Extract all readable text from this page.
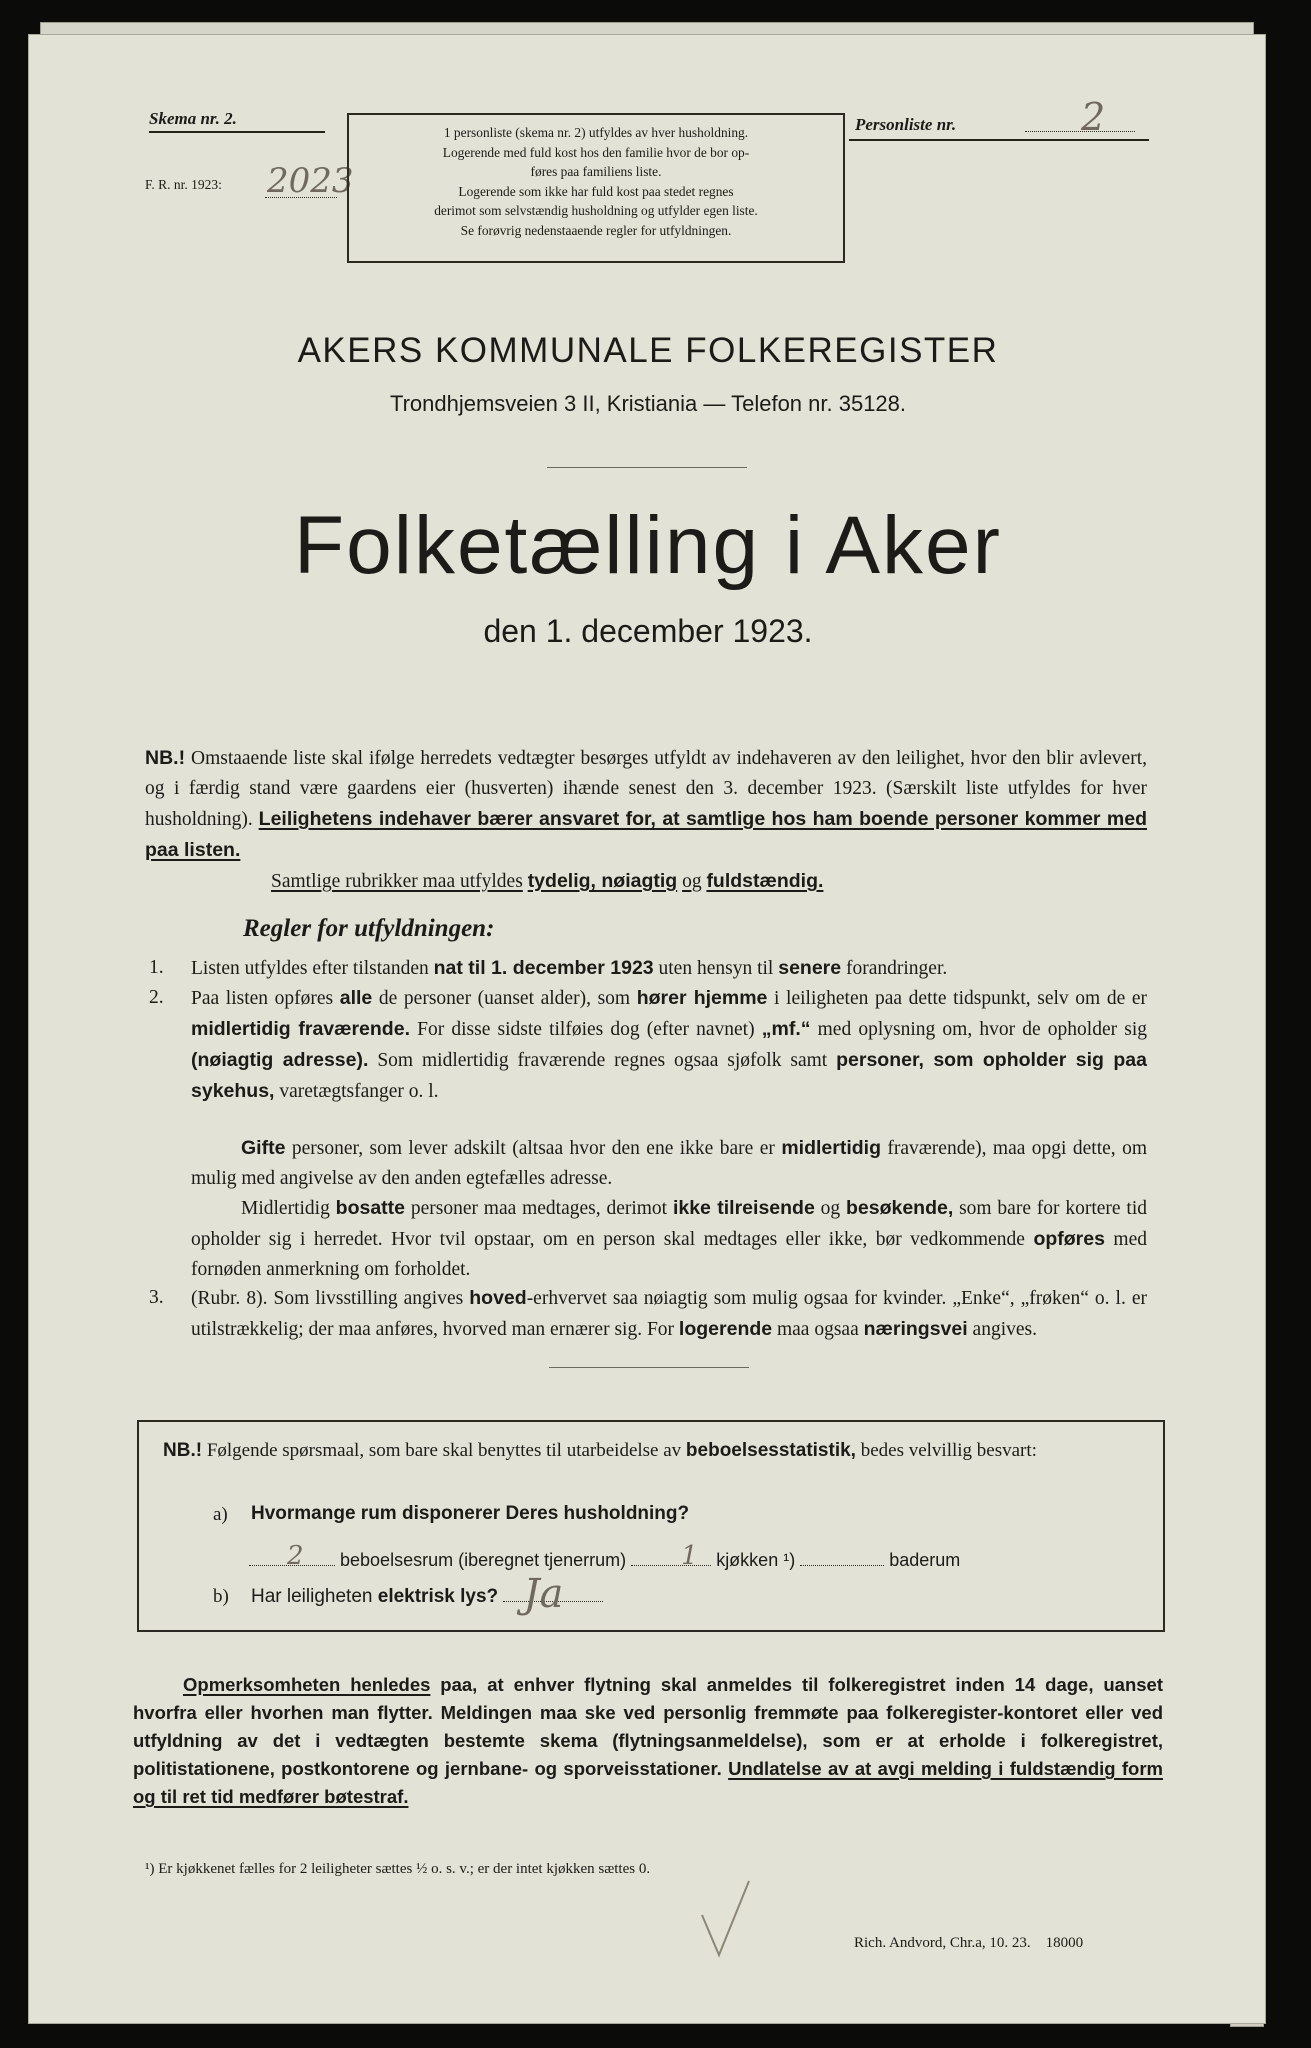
Skema nr. 2.
F. R. nr. 1923: 2023
1 personliste (skema nr. 2) utfyldes av hver husholdning.
Logerende med fuld kost hos den familie hvor de bor op-
føres paa familiens liste.
Logerende som ikke har fuld kost paa stedet regnes
derimot som selvstændig husholdning og utfylder egen liste.
Se forøvrig nedenstaaende regler for utfyldningen.
Personliste nr.	2
AKERS KOMMUNALE FOLKEREGISTER
Trondhjemsveien 3 II, Kristiania — Telefon nr. 35128.
Folketælling i Aker
den 1. december 1923.
NB.! Omstaaende liste skal ifølge herredets vedtægter besørges utfyldt av indehaveren av den leilighet, hvor den blir avlevert, og i færdig stand være gaardens eier (husverten) ihænde senest den 3. december 1923. (Særskilt liste utfyldes for hver husholdning). Leilighetens indehaver bærer ansvaret for, at samtlige hos ham boende personer kommer med paa listen.
Samtlige rubrikker maa utfyldes tydelig, nøiagtig og fuldstændig.
Regler for utfyldningen:
1. Listen utfyldes efter tilstanden nat til 1. december 1923 uten hensyn til senere forandringer.
2. Paa listen opføres alle de personer (uanset alder), som hører hjemme i leiligheten paa dette tidspunkt, selv om de er midlertidig fraværende. For disse sidste tilføies dog (efter navnet) „mf.“ med oplysning om, hvor de opholder sig (nøiagtig adresse). Som midlertidig fraværende regnes ogsaa sjøfolk samt personer, som opholder sig paa sykehus, varetægtsfanger o. l.
Gifte personer, som lever adskilt (altsaa hvor den ene ikke bare er midlertidig fraværende), maa opgi dette, om mulig med angivelse av den anden egtefælles adresse.
Midlertidig bosatte personer maa medtages, derimot ikke tilreisende og besøkende, som bare for kortere tid opholder sig i herredet. Hvor tvil opstaar, om en person skal medtages eller ikke, bør vedkommende opføres med fornøden anmerkning om forholdet.
3. (Rubr. 8). Som livsstilling angives hoved-erhvervet saa nøiagtig som mulig ogsaa for kvinder. „Enke“, „frøken“ o. l. er utilstrækkelig; der maa anføres, hvorved man ernærer sig. For logerende maa ogsaa næringsvei angives.
NB.! Følgende spørsmaal, som bare skal benyttes til utarbeidelse av beboelsesstatistik, bedes velvillig besvart:
a) Hvormange rum disponerer Deres husholdning?
2 beboelsesrum (iberegnet tjenerrum) 1 kjøkken ¹)	baderum
b) Har leiligheten elektrisk lys? Ja
Opmerksomheten henledes paa, at enhver flytning skal anmeldes til folkeregistret inden 14 dage, uanset hvorfra eller hvorhen man flytter. Meldingen maa ske ved personlig fremmøte paa folkeregister-kontoret eller ved utfyldning av det i vedtægten bestemte skema (flytningsanmeldelse), som er at erholde i folkeregistret, politistationene, postkontorene og jernbane- og sporveisstationer. Undlatelse av at avgi melding i fuldstændig form og til ret tid medfører bøtestraf.
¹) Er kjøkkenet fælles for 2 leiligheter sættes ½ o. s. v.; er der intet kjøkken sættes 0.
Rich. Andvord, Chr.a, 10. 23.    18000
